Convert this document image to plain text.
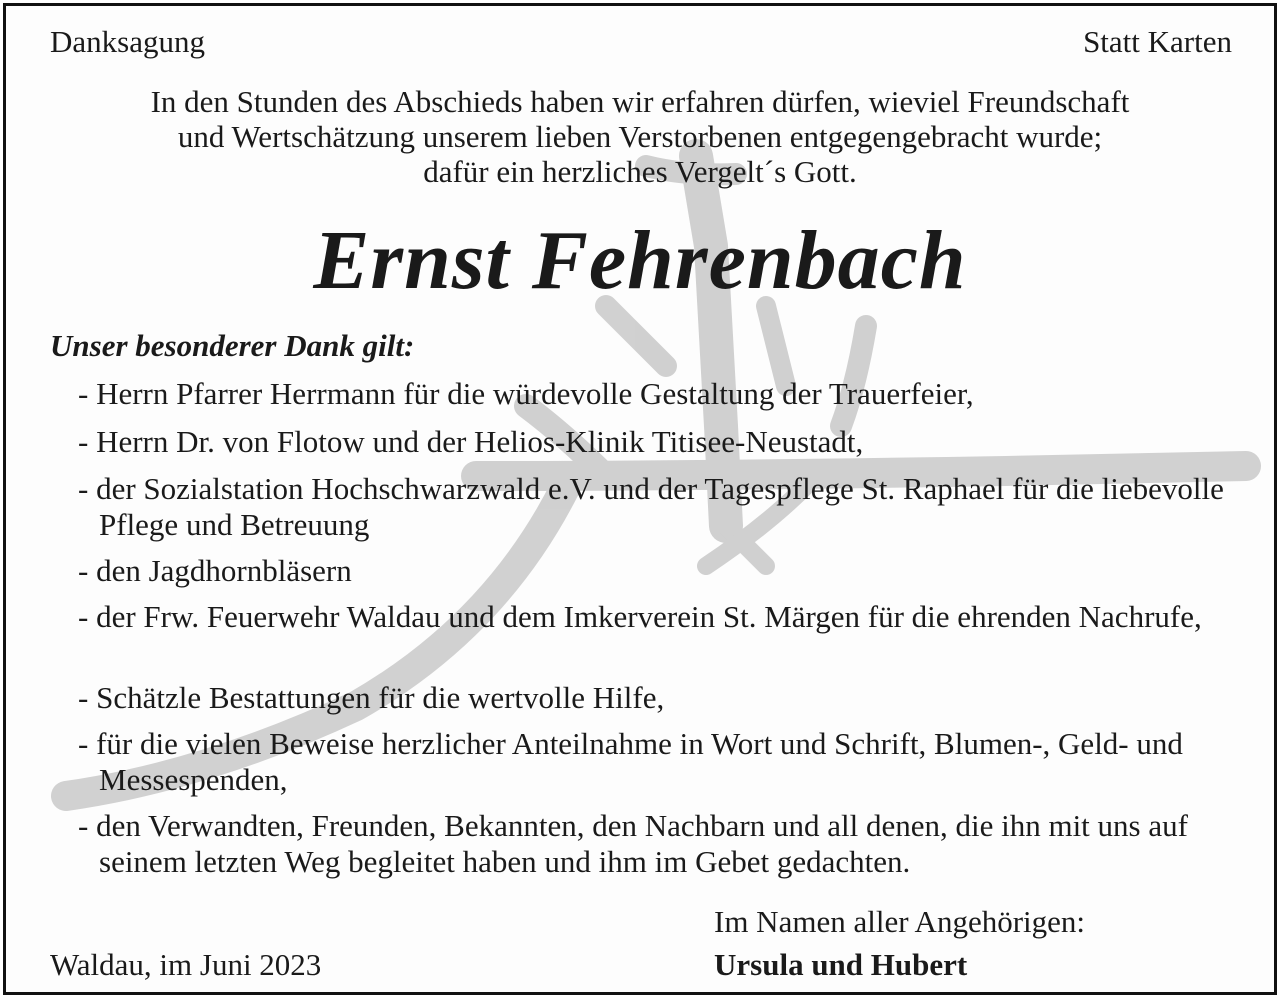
Danksagung	Statt Karten
In den Stunden des Abschieds haben wir erfahren dürfen, wieviel Freundschaft
und Wertschätzung unserem lieben Verstorbenen entgegengebracht wurde;
dafür ein herzliches Vergelt´s Gott.
Ernst Fehrenbach
Unser besonderer Dank gilt:
- Herrn Pfarrer Herrmann für die würdevolle Gestaltung der Trauerfeier,
- Herrn Dr. von Flotow und der Helios-Klinik Titisee-Neustadt,
- der Sozialstation Hochschwarzwald e.V. und der Tagespflege St. Raphael für die liebevolle Pflege und Betreuung
- den Jagdhornbläsern
- der Frw. Feuerwehr Waldau und dem Imkerverein St. Märgen für die ehrenden Nachrufe,
- Schätzle Bestattungen für die wertvolle Hilfe,
- für die vielen Beweise herzlicher Anteilnahme in Wort und Schrift, Blumen-, Geld- und Messespenden,
- den Verwandten, Freunden, Bekannten, den Nachbarn und all denen, die ihn mit uns auf seinem letzten Weg begleitet haben und ihm im Gebet gedachten.
Im Namen aller Angehörigen:
Waldau, im Juni 2023	Ursula und Hubert
